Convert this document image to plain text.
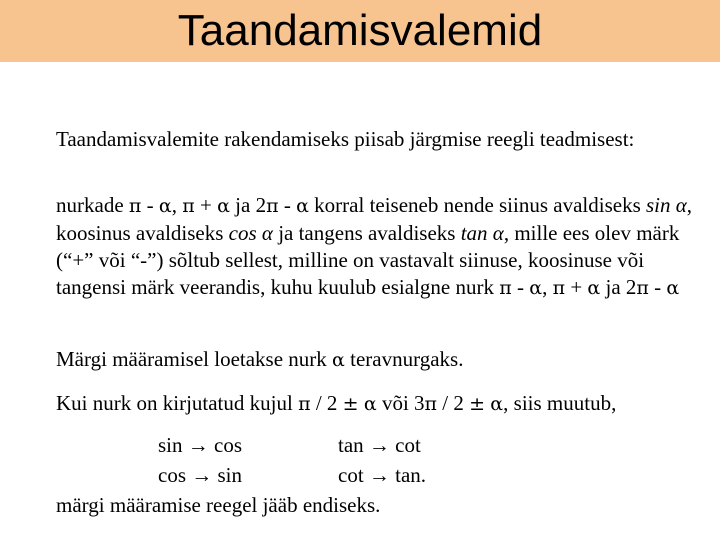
Taandamisvalemid
Taandamisvalemite rakendamiseks piisab järgmise reegli teadmisest:
nurkade π - α, π + α ja 2π - α korral teiseneb nende siinus avaldiseks sin α, koosinus avaldiseks cos α ja tangens avaldiseks tan α, mille ees olev märk (“+” või “-”) sõltub sellest, milline on vastavalt siinuse, koosinuse või tangensi märk veerandis, kuhu kuulub esialgne nurk π - α, π + α ja 2π - α
Märgi määramisel loetakse nurk α teravnurgaks.
Kui nurk on kirjutatud kujul π / 2 ± α või 3π / 2 ± α, siis muutub,
sin → cos	tan → cot
cos → sin	cot → tan.
märgi määramise reegel jääb endiseks.
